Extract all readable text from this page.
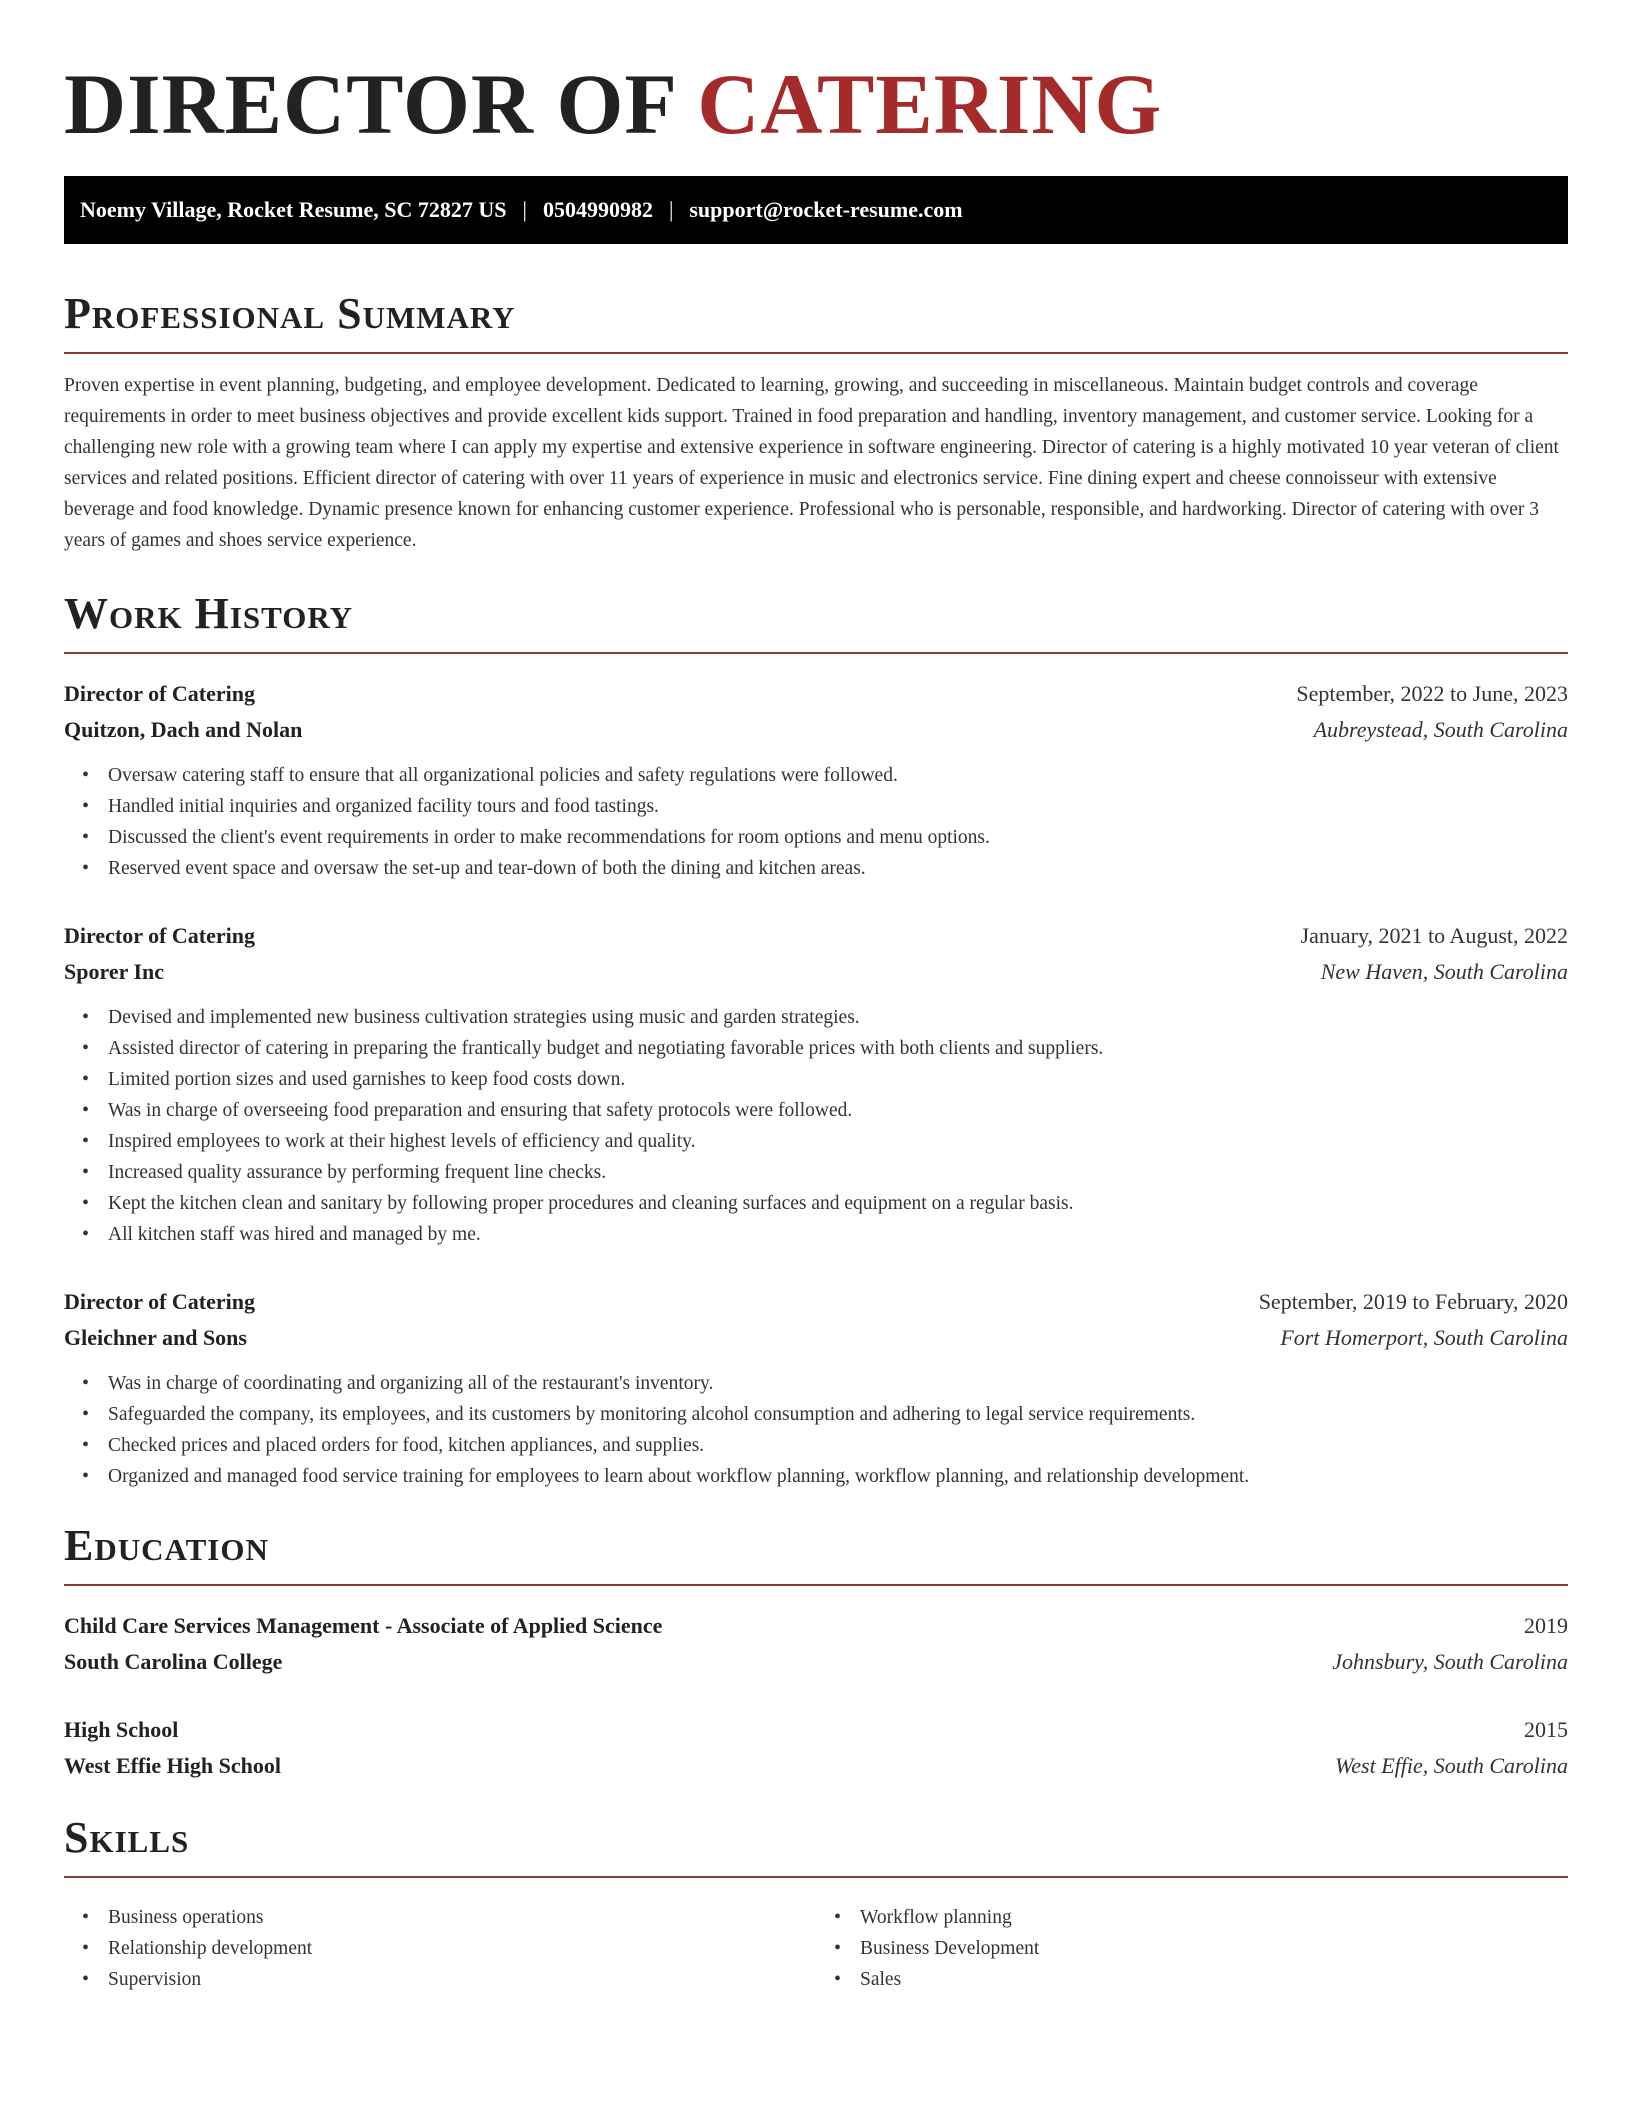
DIRECTOR OF CATERING
Noemy Village, Rocket Resume, SC 72827 US | 0504990982 | support@rocket-resume.com
Professional Summary

Proven expertise in event planning, budgeting, and employee development. Dedicated to learning, growing, and succeeding in miscellaneous. Maintain budget controls and coverage requirements in order to meet business objectives and provide excellent kids support. Trained in food preparation and handling, inventory management, and customer service. Looking for a challenging new role with a growing team where I can apply my expertise and extensive experience in software engineering. Director of catering is a highly motivated 10 year veteran of client services and related positions. Efficient director of catering with over 11 years of experience in music and electronics service. Fine dining expert and cheese connoisseur with extensive beverage and food knowledge. Dynamic presence known for enhancing customer experience. Professional who is personable, responsible, and hardworking. Director of catering with over 3 years of games and shoes service experience.

Work History
Director of Catering	September, 2022 to June, 2023
Quitzon, Dach and Nolan	Aubreystead, South Carolina
• Oversaw catering staff to ensure that all organizational policies and safety regulations were followed.
• Handled initial inquiries and organized facility tours and food tastings.
• Discussed the client's event requirements in order to make recommendations for room options and menu options.
• Reserved event space and oversaw the set-up and tear-down of both the dining and kitchen areas.
Director of Catering	January, 2021 to August, 2022
Sporer Inc	New Haven, South Carolina
• Devised and implemented new business cultivation strategies using music and garden strategies.
• Assisted director of catering in preparing the frantically budget and negotiating favorable prices with both clients and suppliers.
• Limited portion sizes and used garnishes to keep food costs down.
• Was in charge of overseeing food preparation and ensuring that safety protocols were followed.
• Inspired employees to work at their highest levels of efficiency and quality.
• Increased quality assurance by performing frequent line checks.
• Kept the kitchen clean and sanitary by following proper procedures and cleaning surfaces and equipment on a regular basis.
• All kitchen staff was hired and managed by me.
Director of Catering	September, 2019 to February, 2020
Gleichner and Sons	Fort Homerport, South Carolina
• Was in charge of coordinating and organizing all of the restaurant's inventory.
• Safeguarded the company, its employees, and its customers by monitoring alcohol consumption and adhering to legal service requirements.
• Checked prices and placed orders for food, kitchen appliances, and supplies.
• Organized and managed food service training for employees to learn about workflow planning, workflow planning, and relationship development.
Education
Child Care Services Management - Associate of Applied Science	2019
South Carolina College	Johnsbury, South Carolina
High School	2015
West Effie High School	West Effie, South Carolina
Skills
• Business operations
• Relationship development
• Supervision
• Workflow planning
• Business Development
• Sales
